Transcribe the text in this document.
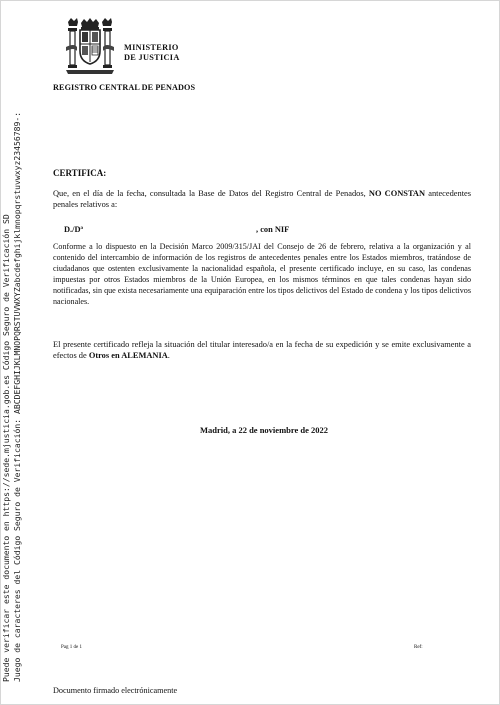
Puede verificar este documento en https://sede.mjusticia.gob.es Código Seguro de Verificación SD Juego de caracteres del Código Seguro de Verificación: ABCDEFGHIJKLMNOPQRSTUVWXYZabcdefghijklmnopqrstuvwxyz23456789-:
MINISTERIO
DE JUSTICIA
REGISTRO CENTRAL DE PENADOS
CERTIFICA:
Que, en el día de la fecha, consultada la Base de Datos del Registro Central de Penados, NO CONSTAN antecedentes penales relativos a:
D./Dª	, con NIF
Conforme a lo dispuesto en la Decisión Marco 2009/315/JAI del Consejo de 26 de febrero, relativa a la organización y al contenido del intercambio de información de los registros de antecedentes penales entre los Estados miembros, tratándose de ciudadanos que ostenten exclusivamente la nacionalidad española, el presente certificado incluye, en su caso, las condenas impuestas por otros Estados miembros de la Unión Europea, en los mismos términos en que tales condenas hayan sido notificadas, sin que exista necesariamente una equiparación entre los tipos delictivos del Estado de condena y los tipos delictivos nacionales.
El presente certificado refleja la situación del titular interesado/a en la fecha de su expedición y se emite exclusivamente a efectos de Otros en ALEMANIA.
Madrid, a 22 de noviembre de 2022
Pag 1 de 1	Ref:
Documento firmado electrónicamente
